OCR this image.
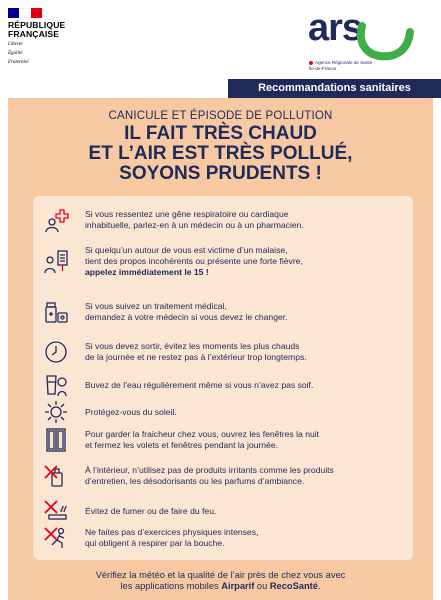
RÉPUBLIQUE
FRANÇAISE
Liberté
Égalité
Fraternité
ars
Agence Régionale de Santé
Île-de-France
Recommandations sanitaires
CANICULE ET ÉPISODE DE POLLUTION
IL FAIT TRÈS CHAUD
ET L’AIR EST TRÈS POLLUÉ,
SOYONS PRUDENTS !
Si vous ressentez une gêne respiratoire ou cardiaque
inhabituelle, parlez-en à un médecin ou à un pharmacien.
Si quelqu’un autour de vous est victime d’un malaise,
tient des propos incohérents ou présente une forte fièvre,
appelez immédiatement le 15 !
Si vous suivez un traitement médical,
demandez à votre médecin si vous devez le changer.
Si vous devez sortir, évitez les moments les plus chauds
de la journée et ne restez pas à l’extérieur trop longtemps.
Buvez de l’eau régulièrement même si vous n’avez pas soif.
Protégez-vous du soleil.
Pour garder la fraicheur chez vous, ouvrez les fenêtres la nuit
et fermez les volets et fenêtres pendant la journée.
À l’intérieur, n’utilisez pas de produits irritants comme les produits
d’entretien, les désodorisants ou les parfums d’ambiance.
Évitez de fumer ou de faire du feu.
Ne faites pas d’exercices physiques intenses,
qui obligent à respirer par la bouche.
Vérifiez la météo et la qualité de l’air près de chez vous avec
les applications mobiles Airparif ou RecoSanté.
